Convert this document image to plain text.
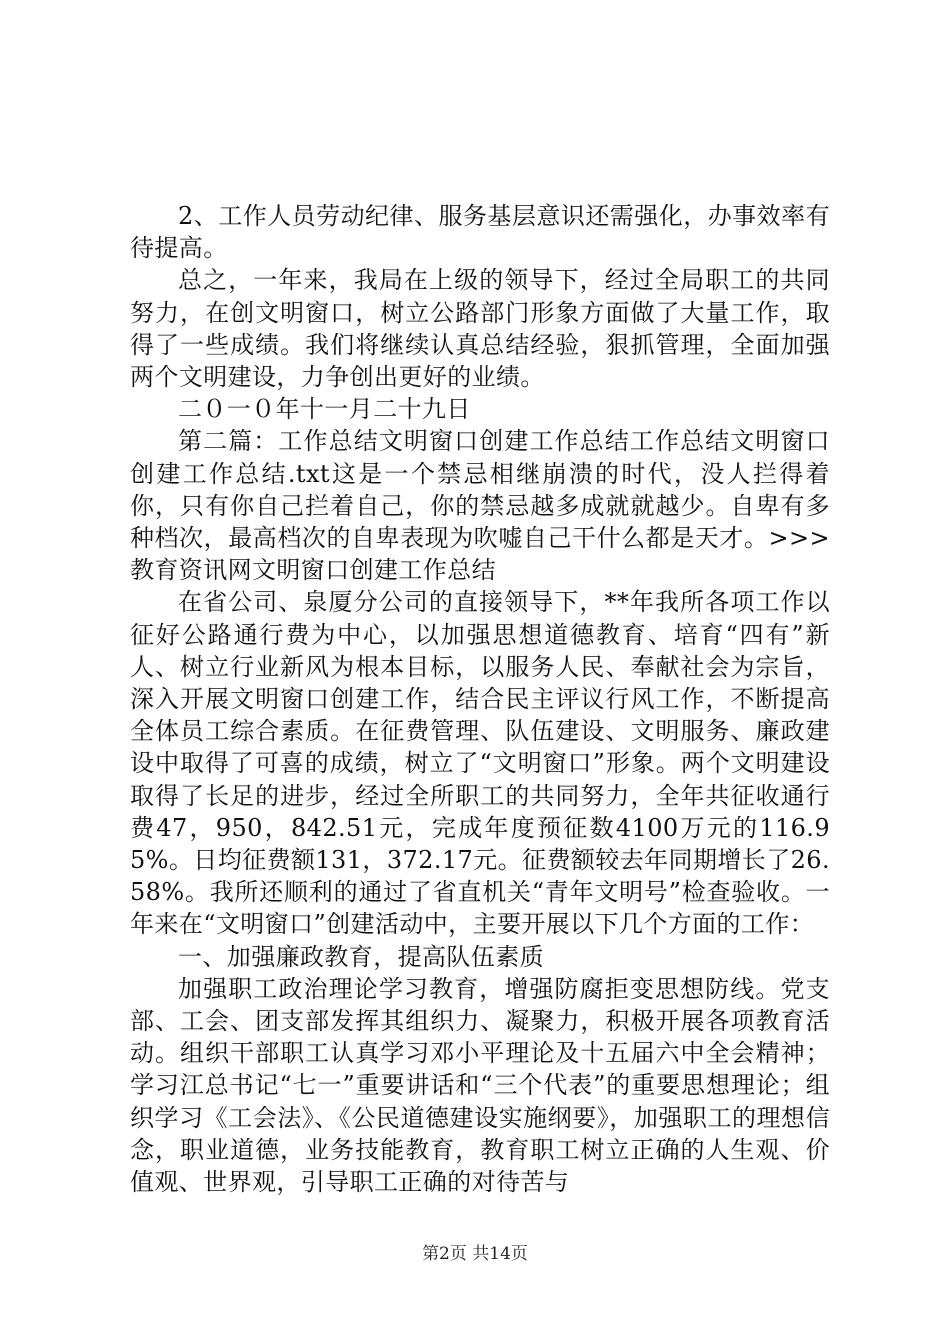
2、工作人员劳动纪律、服务基层意识还需强化，办事效率有待提高。

总之，一年来，我局在上级的领导下，经过全局职工的共同努力，在创文明窗口，树立公路部门形象方面做了大量工作，取得了一些成绩。我们将继续认真总结经验，狠抓管理，全面加强两个文明建设，力争创出更好的业绩。

二０一０年十一月二十九日

第二篇：工作总结文明窗口创建工作总结工作总结文明窗口创建工作总结.txt这是一个禁忌相继崩溃的时代，没人拦得着你，只有你自己拦着自己，你的禁忌越多成就就越少。自卑有多种档次，最高档次的自卑表现为吹嘘自己干什么都是天才。>>>教育资讯网文明窗口创建工作总结

在省公司、泉厦分公司的直接领导下，**年我所各项工作以征好公路通行费为中心，以加强思想道德教育、培育“四有”新人、树立行业新风为根本目标，以服务人民、奉献社会为宗旨，深入开展文明窗口创建工作，结合民主评议行风工作，不断提高全体员工综合素质。在征费管理、队伍建设、文明服务、廉政建设中取得了可喜的成绩，树立了“文明窗口”形象。两个文明建设取得了长足的进步，经过全所职工的共同努力，全年共征收通行费47，950，842.51元，完成年度预征数4100万元的116.95%。日均征费额131，372.17元。征费额较去年同期增长了26.58%。我所还顺利的通过了省直机关“青年文明号”检查验收。一年来在“文明窗口”创建活动中，主要开展以下几个方面的工作：

一、加强廉政教育，提高队伍素质

加强职工政治理论学习教育，增强防腐拒变思想防线。党支部、工会、团支部发挥其组织力、凝聚力，积极开展各项教育活动。组织干部职工认真学习邓小平理论及十五届六中全会精神；学习江总书记“七一”重要讲话和“三个代表”的重要思想理论；组织学习《工会法》、《公民道德建设实施纲要》，加强职工的理想信念，职业道德，业务技能教育，教育职工树立正确的人生观、价值观、世界观，引导职工正确的对待苦与

第2页 共14页
